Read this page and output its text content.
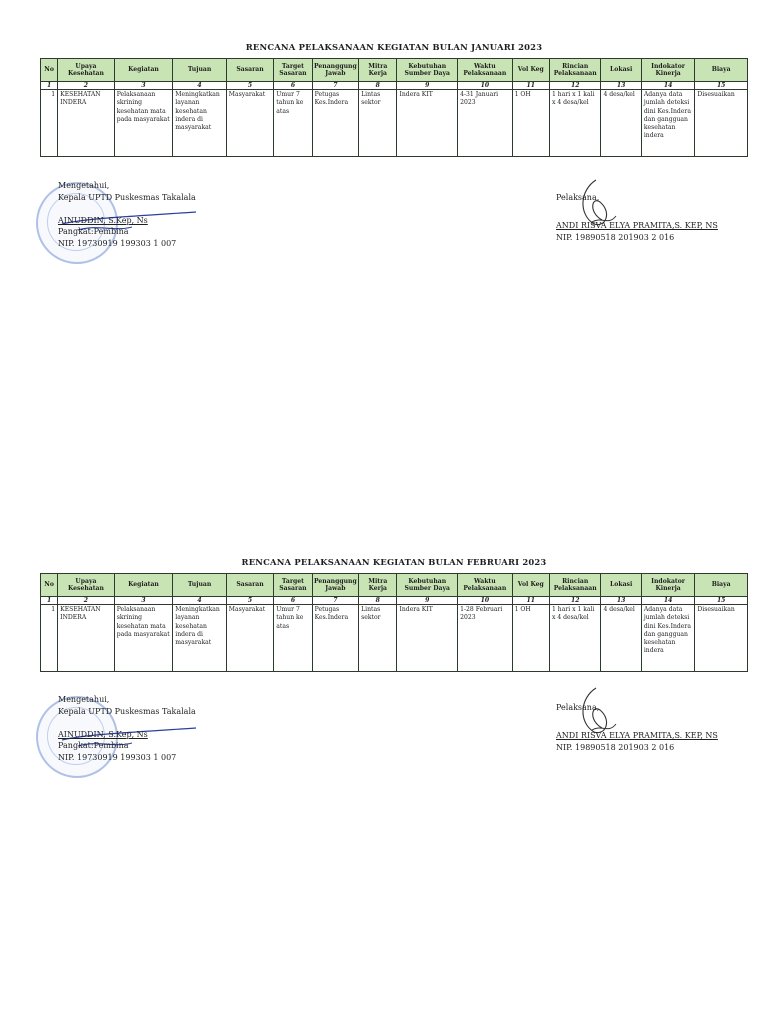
RENCANA PELAKSANAAN KEGIATAN BULAN JANUARI 2023
No	Upaya Kesehatan	Kegiatan	Tujuan	Sasaran	Target Sasaran	Penanggung Jawab	Mitra Kerja	Kebutuhan Sumber Daya	Waktu Pelaksanaan	Vol Keg	Rincian Pelaksanaan	Lokasi	Indokator Kinerja	Biaya
1	2	3	4	5	6	7	8	9	10	11	12	13	14	15
1	KESEHATAN INDERA	Pelaksanaan skrining kesehatan mata pada masyarakat	Meningkatkan layanan kesehatan indera di masyarakat	Masyarakat	Umur 7 tahun ke atas	Petugas Kes.Indera	Lintas sektor	Indera KIT	4-31 Januari 2023	1 OH	1 hari x 1 kali x 4 desa/kel	4 desa/kel	Adanya data jumlah deteksi dini Kes.Indera dan gangguan kesehatan indera	Disesuaikan
Mengetahui,
Kepala UPTD Puskesmas Takalala
AINUDDIN, S.Kep, Ns
Pangkat:Pembina
NIP. 19730919 199303 1 007
Pelaksana,
ANDI RISVA ELYA PRAMITA,S. KEP, NS
NIP. 19890518 201903 2 016
RENCANA PELAKSANAAN KEGIATAN BULAN FEBRUARI 2023
No	Upaya Kesehatan	Kegiatan	Tujuan	Sasaran	Target Sasaran	Penanggung Jawab	Mitra Kerja	Kebutuhan Sumber Daya	Waktu Pelaksanaan	Vol Keg	Rincian Pelaksanaan	Lokasi	Indokator Kinerja	Biaya
1	2	3	4	5	6	7	8	9	10	11	12	13	14	15
1	KESEHATAN INDERA	Pelaksanaan skrining kesehatan mata pada masyarakat	Meningkatkan layanan kesehatan indera di masyarakat	Masyarakat	Umur 7 tahun ke atas	Petugas Kes.Indera	Lintas sektor	Indera KIT	1-28 Februari 2023	1 OH	1 hari x 1 kali x 4 desa/kel	4 desa/kel	Adanya data jumlah deteksi dini Kes.Indera dan gangguan kesehatan indera	Disesuaikan
Mengetahui,
Kepala UPTD Puskesmas Takalala
AINUDDIN, S.Kep, Ns
Pangkat:Pembina
NIP. 19730919 199303 1 007
Pelaksana,
ANDI RISVA ELYA PRAMITA,S. KEP, NS
NIP. 19890518 201903 2 016
